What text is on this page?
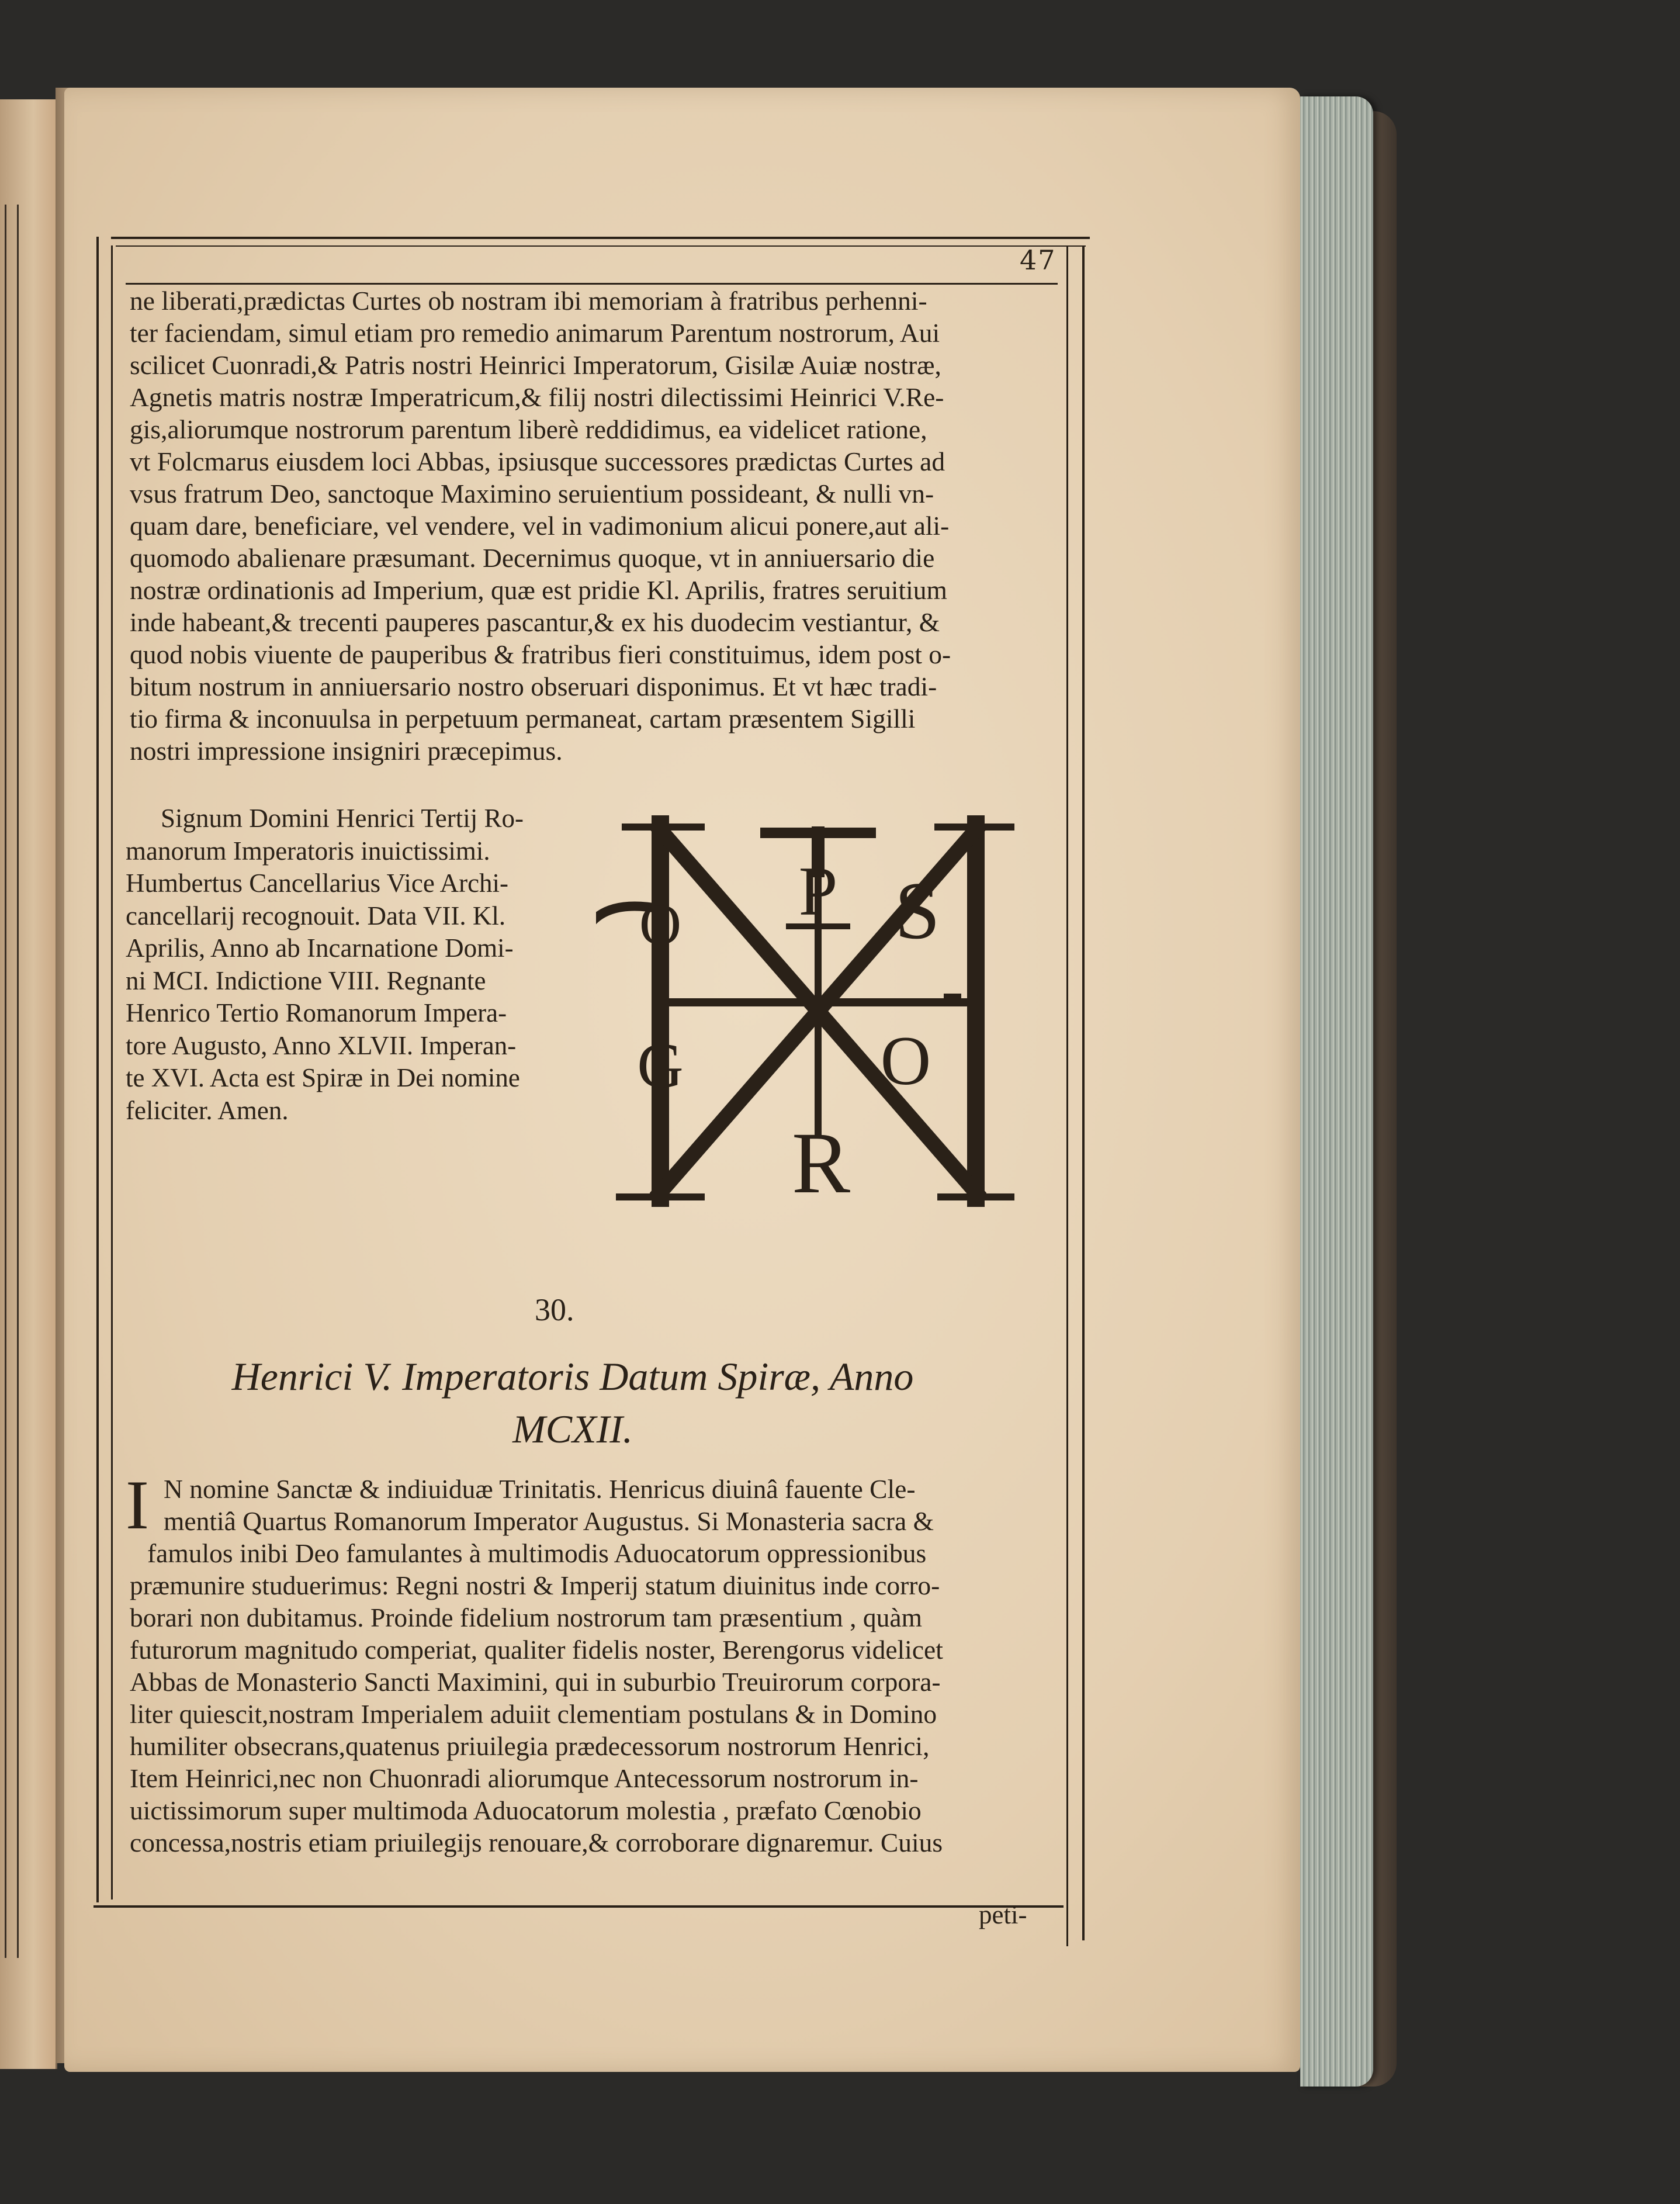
47
ne liberati,prædictas Curtes ob nostram ibi memoriam à fratribus perhenni-
ter faciendam, simul etiam pro remedio animarum Parentum nostrorum, Aui
scilicet Cuonradi,& Patris nostri Heinrici Imperatorum, Gisilæ Auiæ nostræ,
Agnetis matris nostræ Imperatricum,& filij nostri dilectissimi Heinrici V.Re-
gis,aliorumque nostrorum parentum liberè reddidimus, ea videlicet ratione,
vt Folcmarus eiusdem loci Abbas, ipsiusque successores prædictas Curtes ad
vsus fratrum Deo, sanctoque Maximino seruientium possideant, & nulli vn-
quam dare, beneficiare, vel vendere, vel in vadimonium alicui ponere,aut ali-
quomodo abalienare præsumant. Decernimus quoque, vt in anniuersario die
nostræ ordinationis ad Imperium, quæ est pridie Kl. Aprilis, fratres seruitium
inde habeant,& trecenti pauperes pascantur,& ex his duodecim vestiantur, &
quod nobis viuente de pauperibus & fratribus fieri constituimus, idem post o-
bitum nostrum in anniuersario nostro obseruari disponimus. Et vt hæc tradi-
tio firma & inconuulsa in perpetuum permaneat, cartam præsentem Sigilli
nostri impressione insigniri præcepimus.
Signum Domini Henrici Tertij Ro-
manorum Imperatoris inuictissimi.
Humbertus Cancellarius Vice Archi-
cancellarij recognouit. Data VII. Kl.
Aprilis, Anno ab Incarnatione Domi-
ni MCI. Indictione VIII. Regnante
Henrico Tertio Romanorum Impera-
tore Augusto, Anno XLVII. Imperan-
te XVI. Acta est Spiræ in Dei nomine
feliciter. Amen.
P S
O
G	O
R
30.
Henrici V. Imperatoris Datum Spiræ, Anno
MCXII.
I N nomine Sanctæ & indiuiduæ Trinitatis. Henricus diuinâ fauente Cle-
mentiâ Quartus Romanorum Imperator Augustus. Si Monasteria sacra &
famulos inibi Deo famulantes à multimodis Aduocatorum oppressionibus
præmunire studuerimus: Regni nostri & Imperij statum diuinitus inde corro-
borari non dubitamus. Proinde fidelium nostrorum tam præsentium , quàm
futurorum magnitudo comperiat, qualiter fidelis noster, Berengorus videlicet
Abbas de Monasterio Sancti Maximini, qui in suburbio Treuirorum corpora-
liter quiescit,nostram Imperialem aduiit clementiam postulans & in Domino
humiliter obsecrans,quatenus priuilegia prædecessorum nostrorum Henrici,
Item Heinrici,nec non Chuonradi aliorumque Antecessorum nostrorum in-
uictissimorum super multimoda Aduocatorum molestia , præfato Cœnobio
concessa,nostris etiam priuilegijs renouare,& corroborare dignaremur. Cuius
peti-
